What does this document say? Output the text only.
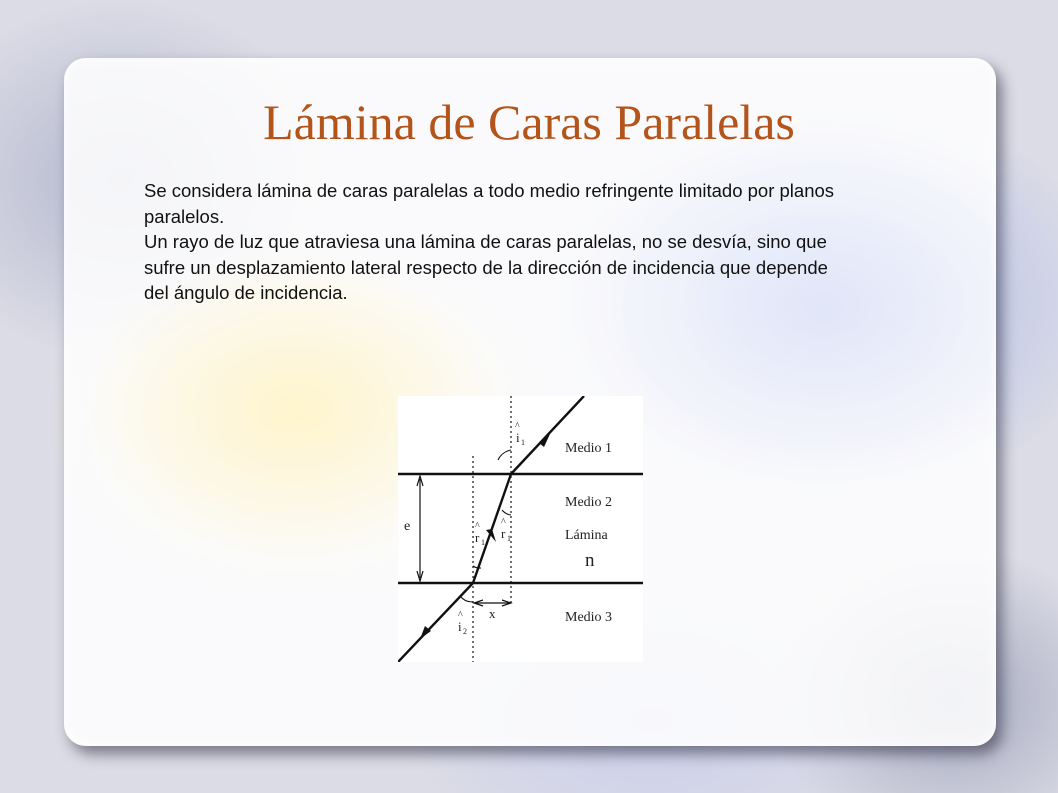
Lámina de Caras Paralelas

Se considera lámina de caras paralelas a todo medio refringente limitado por planos paralelos.

Un rayo de luz que atraviesa una lámina de caras paralelas, no se desvía, sino que sufre un desplazamiento lateral respecto de la dirección de incidencia que depende del ángulo de incidencia.

e
x
^
i 1
^
r 1
^
r 1
^
i 2
Medio 1
Medio 2
Lámina
n
Medio 3
